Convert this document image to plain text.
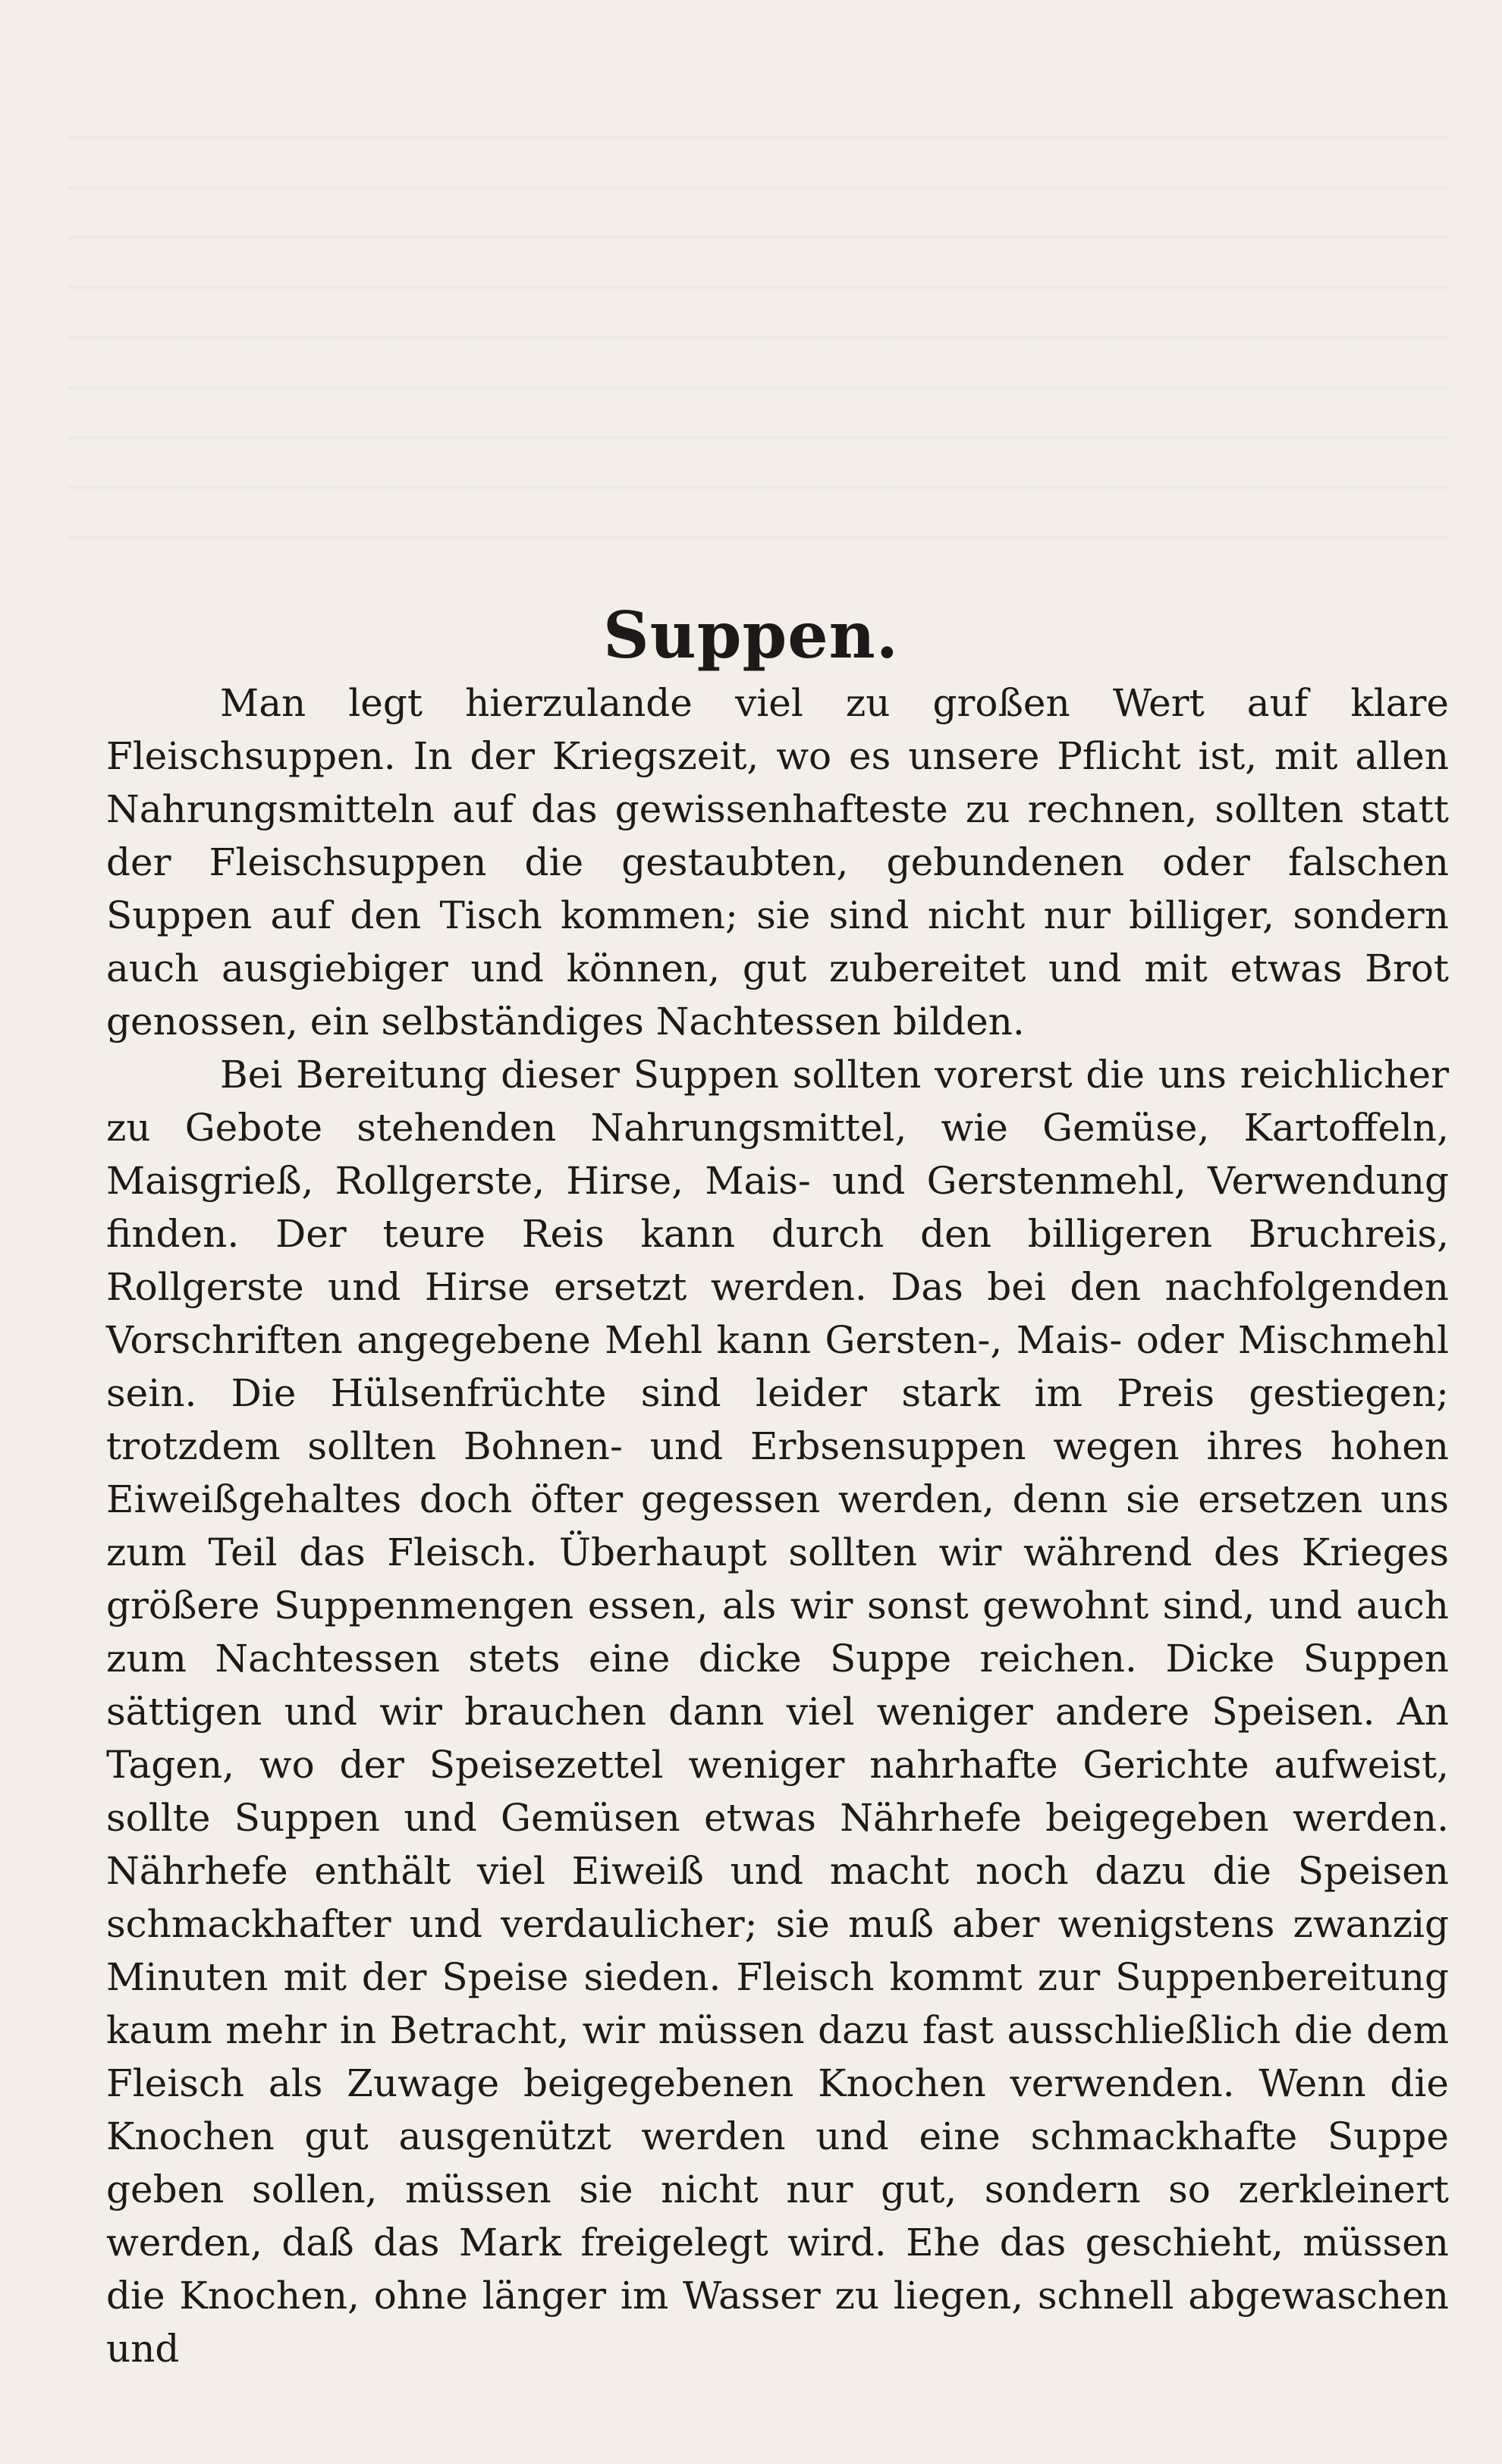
Suppen.

Man legt hierzulande viel zu großen Wert auf klare Fleischsuppen. In der Kriegszeit, wo es unsere Pflicht ist, mit allen Nahrungsmitteln auf das gewissenhafteste zu rechnen, sollten statt der Fleischsuppen die gestaubten, gebundenen oder falschen Suppen auf den Tisch kommen; sie sind nicht nur billiger, sondern auch ausgiebiger und können, gut zubereitet und mit etwas Brot genossen, ein selbständiges Nachtessen bilden.

Bei Bereitung dieser Suppen sollten vorerst die uns reichlicher zu Gebote stehenden Nahrungsmittel, wie Gemüse, Kartoffeln, Maisgrieß, Rollgerste, Hirse, Mais- und Gerstenmehl, Verwendung finden. Der teure Reis kann durch den billigeren Bruchreis, Rollgerste und Hirse ersetzt werden. Das bei den nachfolgenden Vorschriften angegebene Mehl kann Gersten-, Mais- oder Mischmehl sein. Die Hülsenfrüchte sind leider stark im Preis gestiegen; trotzdem sollten Bohnen- und Erbsensuppen wegen ihres hohen Eiweißgehaltes doch öfter gegessen werden, denn sie ersetzen uns zum Teil das Fleisch. Überhaupt sollten wir während des Krieges größere Suppenmengen essen, als wir sonst gewohnt sind, und auch zum Nachtessen stets eine dicke Suppe reichen. Dicke Suppen sättigen und wir brauchen dann viel weniger andere Speisen. An Tagen, wo der Speisezettel weniger nahrhafte Gerichte aufweist, sollte Suppen und Gemüsen etwas Nährhefe beigegeben werden. Nährhefe enthält viel Eiweiß und macht noch dazu die Speisen schmackhafter und verdaulicher; sie muß aber wenigstens zwanzig Minuten mit der Speise sieden. Fleisch kommt zur Suppenbereitung kaum mehr in Betracht, wir müssen dazu fast ausschließlich die dem Fleisch als Zuwage beigegebenen Knochen verwenden. Wenn die Knochen gut ausgenützt werden und eine schmackhafte Suppe geben sollen, müssen sie nicht nur gut, sondern so zerkleinert werden, daß das Mark freigelegt wird. Ehe das geschieht, müssen die Knochen, ohne länger im Wasser zu liegen, schnell abgewaschen und
